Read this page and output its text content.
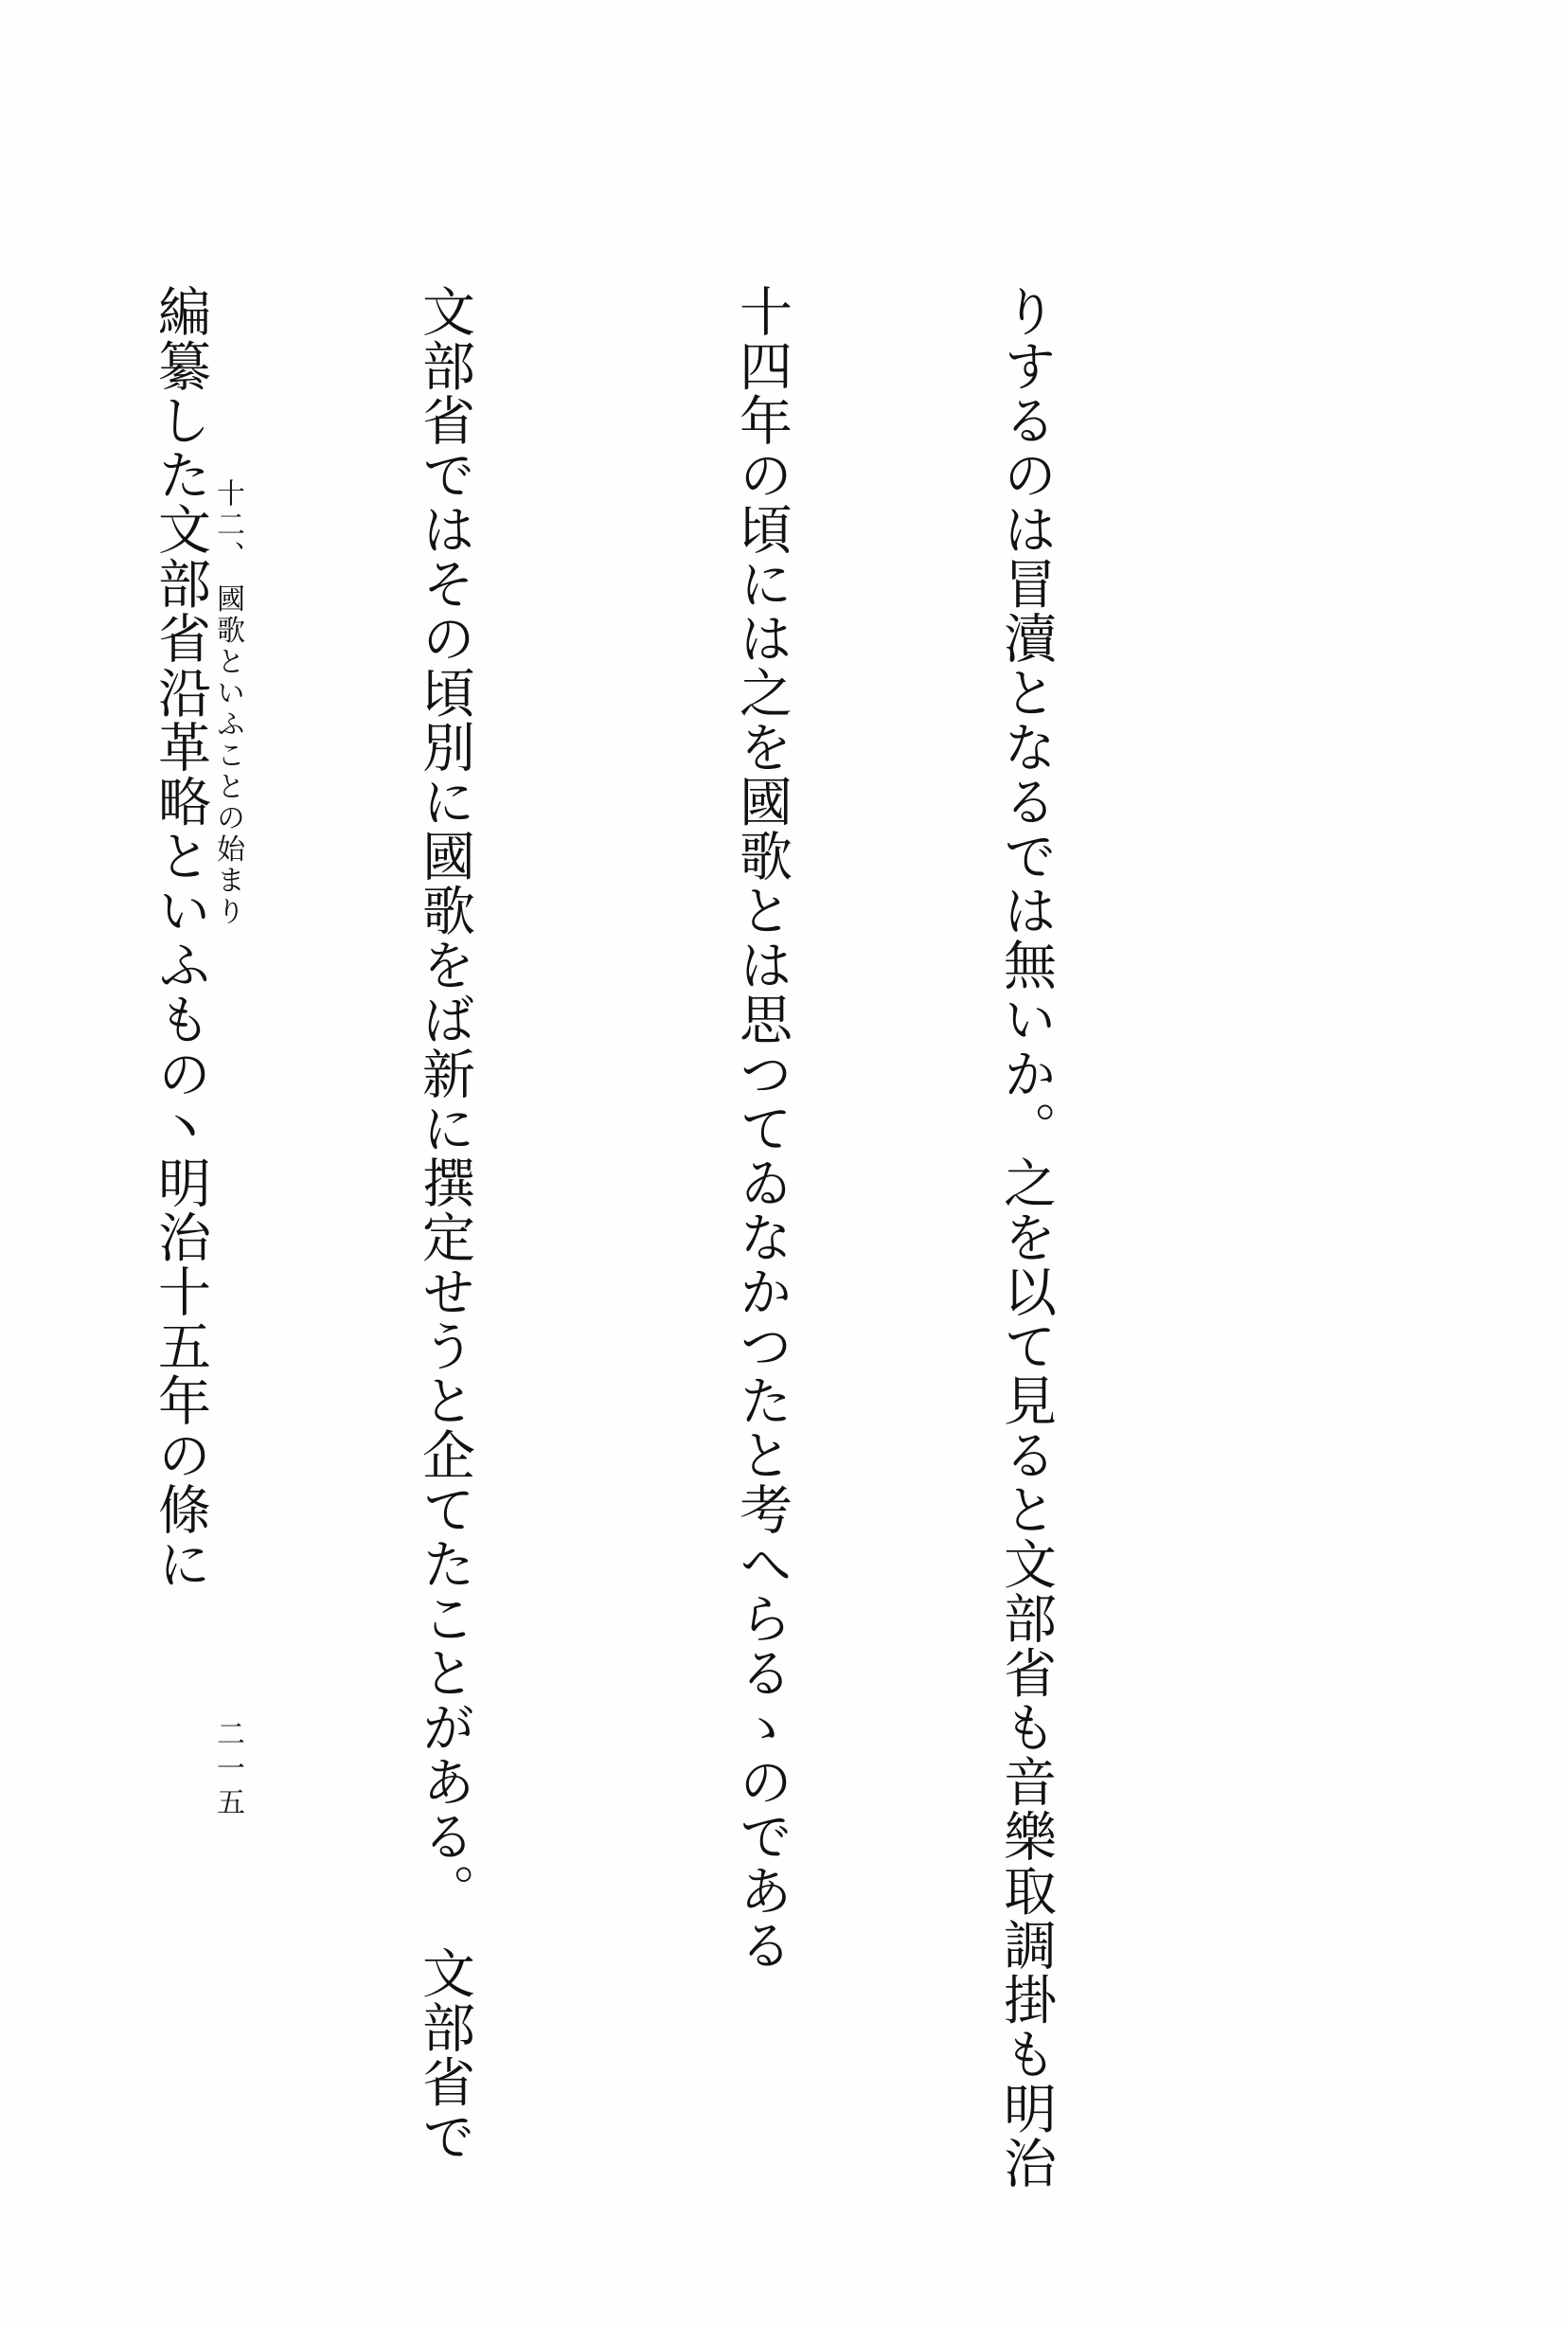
りするのは冒瀆となるでは無いか。之を以て見ると文部省も音樂取調掛も明治

十四年の頃には之を國歌とは思つてゐなかつたと考へらるゝのである

文部省ではその頃別に國歌をば新に撰定せうと企てたことがある。　文部省で

編纂した文部省沿革略といふもの丶明治十五年の條に

十二、 國歌といふことの始まり
二一五
